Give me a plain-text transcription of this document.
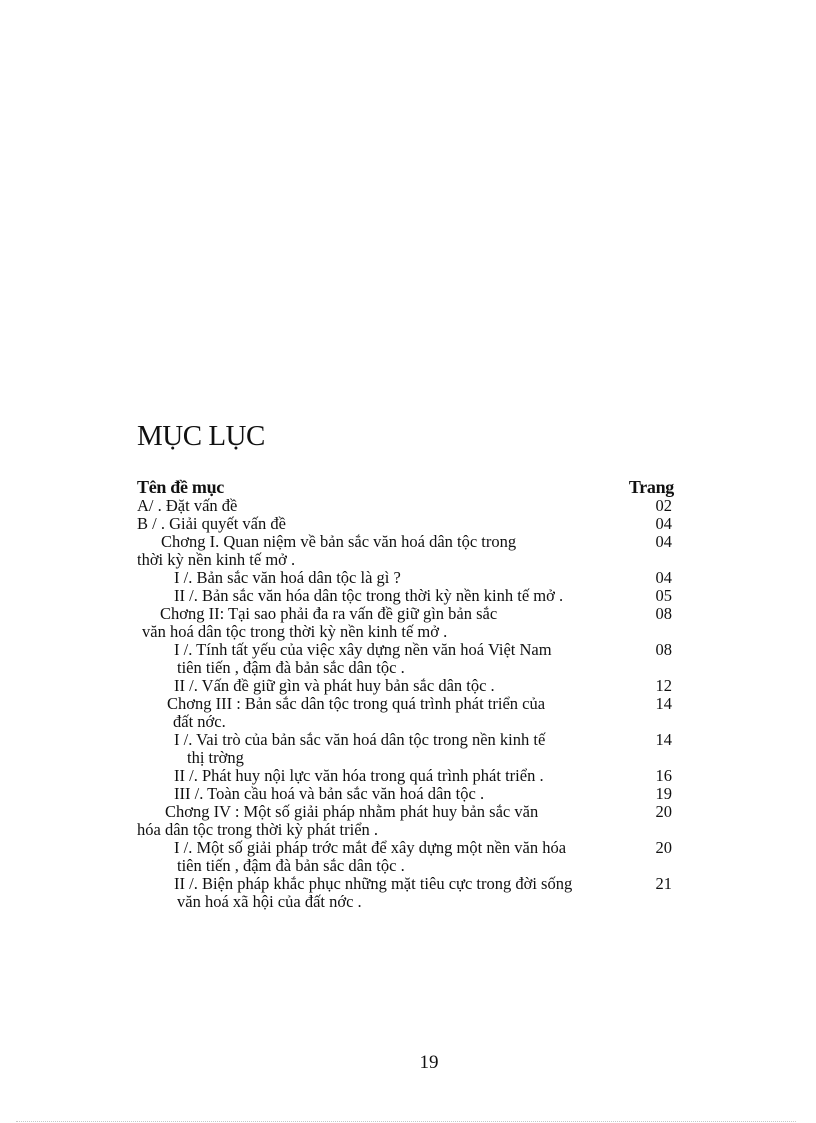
MỤC LỤC
Tên đề mục	Trang
A/ . Đặt vấn đề	02
B / . Giải quyết vấn đề	04
Chơng I. Quan niệm về bản sắc văn hoá dân tộc trong	04
thời kỳ nền kinh tế mở .
I /. Bản sắc văn hoá dân tộc là gì ?	04
II /. Bản sắc văn hóa dân tộc trong thời kỳ nền kinh tế mở .	05
Chơng II: Tại sao phải đa ra vấn đề giữ gìn bản sắc	08
văn hoá dân tộc trong thời kỳ nền kinh tế mở .
I /. Tính tất yếu của việc xây dựng nền văn hoá Việt Nam	08
tiên tiến , đậm đà bản sắc dân tộc .
II /. Vấn đề giữ gìn và phát huy bản sắc dân tộc .	12
Chơng III : Bản sắc dân tộc trong quá trình phát triển của	14
đất nớc.
I /. Vai trò của bản sắc văn hoá dân tộc trong nền kinh tế	14
thị trờng
II /. Phát huy nội lực văn hóa trong quá trình phát triển .	16
III /. Toàn cầu hoá và bản sắc văn hoá dân tộc .	19
Chơng IV : Một số giải pháp nhằm phát huy bản sắc văn	20
hóa dân tộc trong thời kỳ phát triển .
I /. Một số giải pháp trớc mắt để xây dựng một nền văn hóa	20
tiên tiến , đậm đà bản sắc dân tộc .
II /. Biện pháp khắc phục những mặt tiêu cực trong đời sống	21
văn hoá xã hội của đất nớc .
19
